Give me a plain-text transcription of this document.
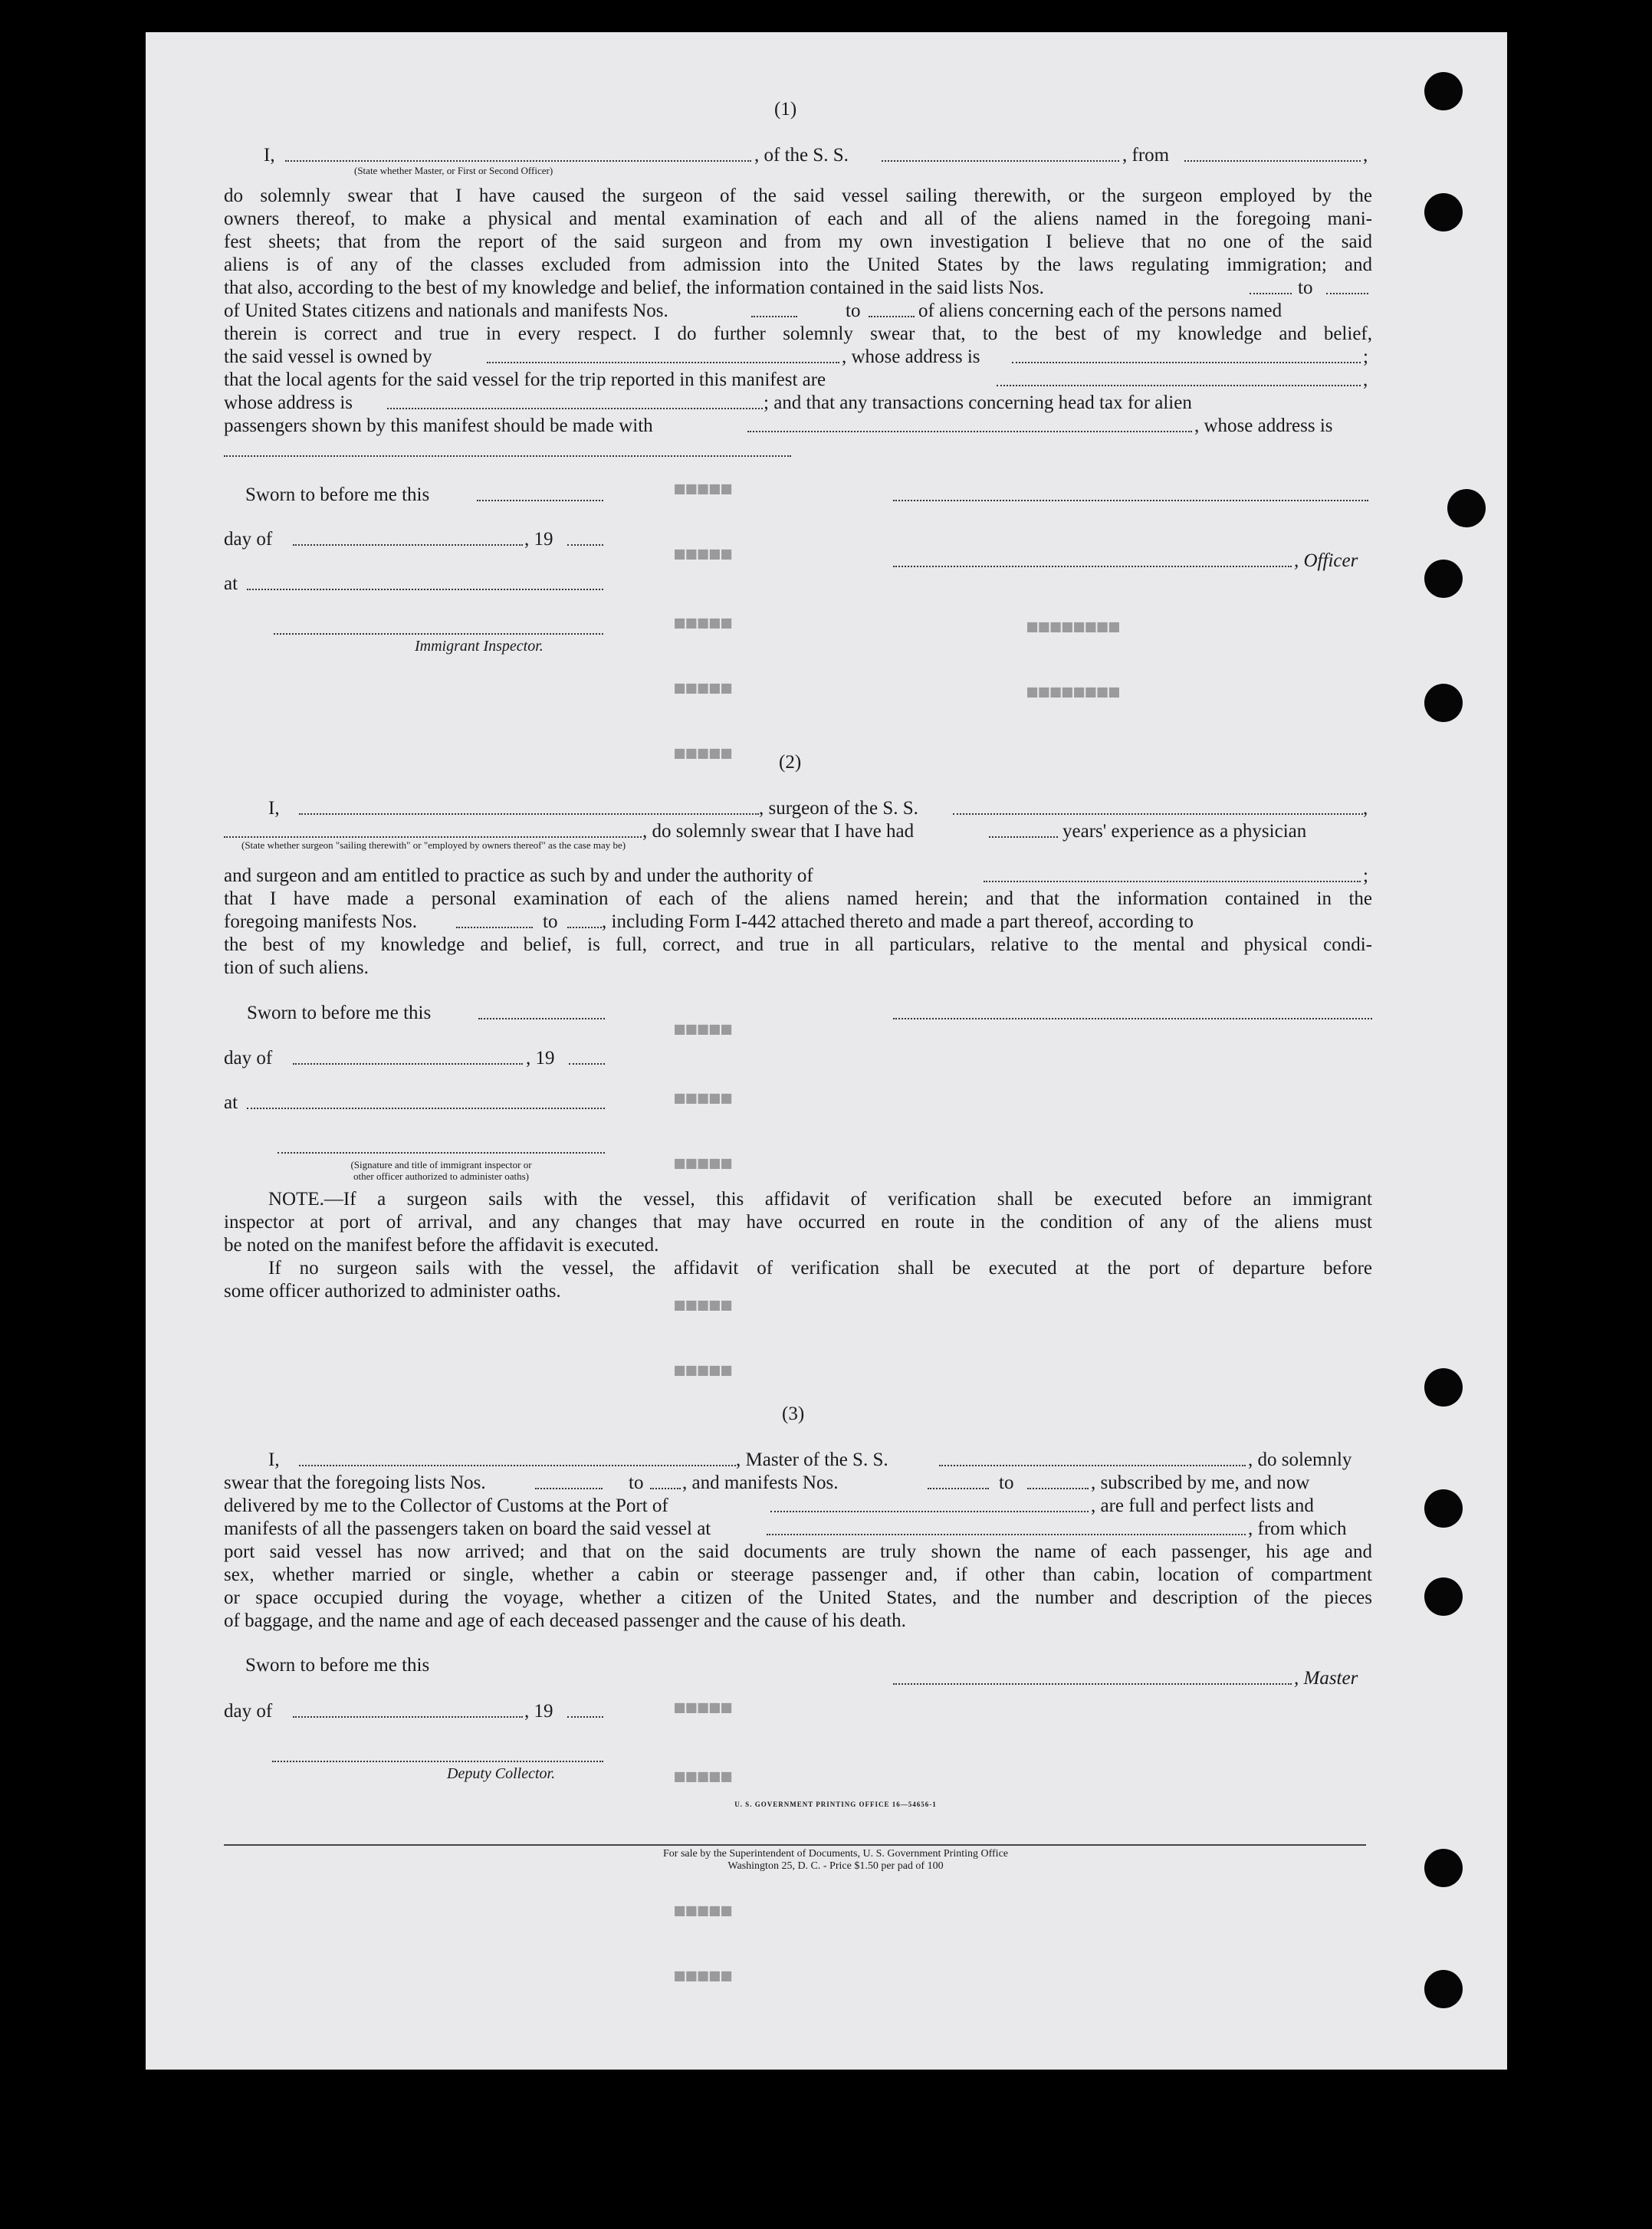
■■■■■
■■■■■
■■■■■
■■■■■
■■■■■
■■■■■■■■
■■■■■■■■
■■■■■
■■■■■
■■■■■
■■■■■
■■■■■
■■■■■
■■■■■
■■■■■
■■■■■
(1)
I,	, of the S. S.	, from	,
(State whether Master, or First or Second Officer)
do solemnly swear that I have caused the surgeon of the said vessel sailing therewith, or the surgeon employed by the
owners thereof, to make a physical and mental examination of each and all of the aliens named in the foregoing mani-
fest sheets; that from the report of the said surgeon and from my own investigation I believe that no one of the said
aliens is of any of the classes excluded from admission into the United States by the laws regulating immigration; and
that also, according to the best of my knowledge and belief, the information contained in the said lists Nos.	to
of United States citizens and nationals and manifests Nos.	to	of aliens concerning each of the persons named
therein is correct and true in every respect. I do further solemnly swear that, to the best of my knowledge and belief,
the said vessel is owned by	, whose address is	;
that the local agents for the said vessel for the trip reported in this manifest are	,
whose address is	; and that any transactions concerning head tax for alien
passengers shown by this manifest should be made with	, whose address is
Sworn to before me this
day of	, 19
, Officer
at
Immigrant Inspector.
(2)
I,	, surgeon of the S. S.	,
, do solemnly swear that I have had	years' experience as a physician
(State whether surgeon "sailing therewith" or "employed by owners thereof" as the case may be)
and surgeon and am entitled to practice as such by and under the authority of	;
that I have made a personal examination of each of the aliens named herein; and that the information contained in the
foregoing manifests Nos.	to , including Form I-442 attached thereto and made a part thereof, according to
the best of my knowledge and belief, is full, correct, and true in all particulars, relative to the mental and physical condi-
tion of such aliens.
Sworn to before me this
day of	, 19
at
(Signature and title of immigrant inspector or
other officer authorized to administer oaths)
NOTE.—If a surgeon sails with the vessel, this affidavit of verification shall be executed before an immigrant
inspector at port of arrival, and any changes that may have occurred en route in the condition of any of the aliens must
be noted on the manifest before the affidavit is executed.
If no surgeon sails with the vessel, the affidavit of verification shall be executed at the port of departure before
some officer authorized to administer oaths.
(3)
I,	, Master of the S. S.	, do solemnly
swear that the foregoing lists Nos.	to , and manifests Nos.	to	, subscribed by me, and now
delivered by me to the Collector of Customs at the Port of	, are full and perfect lists and
manifests of all the passengers taken on board the said vessel at	, from which
port said vessel has now arrived; and that on the said documents are truly shown the name of each passenger, his age and
sex, whether married or single, whether a cabin or steerage passenger and, if other than cabin, location of compartment
or space occupied during the voyage, whether a citizen of the United States, and the number and description of the pieces
of baggage, and the name and age of each deceased passenger and the cause of his death.
Sworn to before me this
, Master
day of	, 19
Deputy Collector.
U. S. GOVERNMENT PRINTING OFFICE 16—54656-1
For sale by the Superintendent of Documents, U. S. Government Printing Office
Washington 25, D. C. - Price $1.50 per pad of 100
